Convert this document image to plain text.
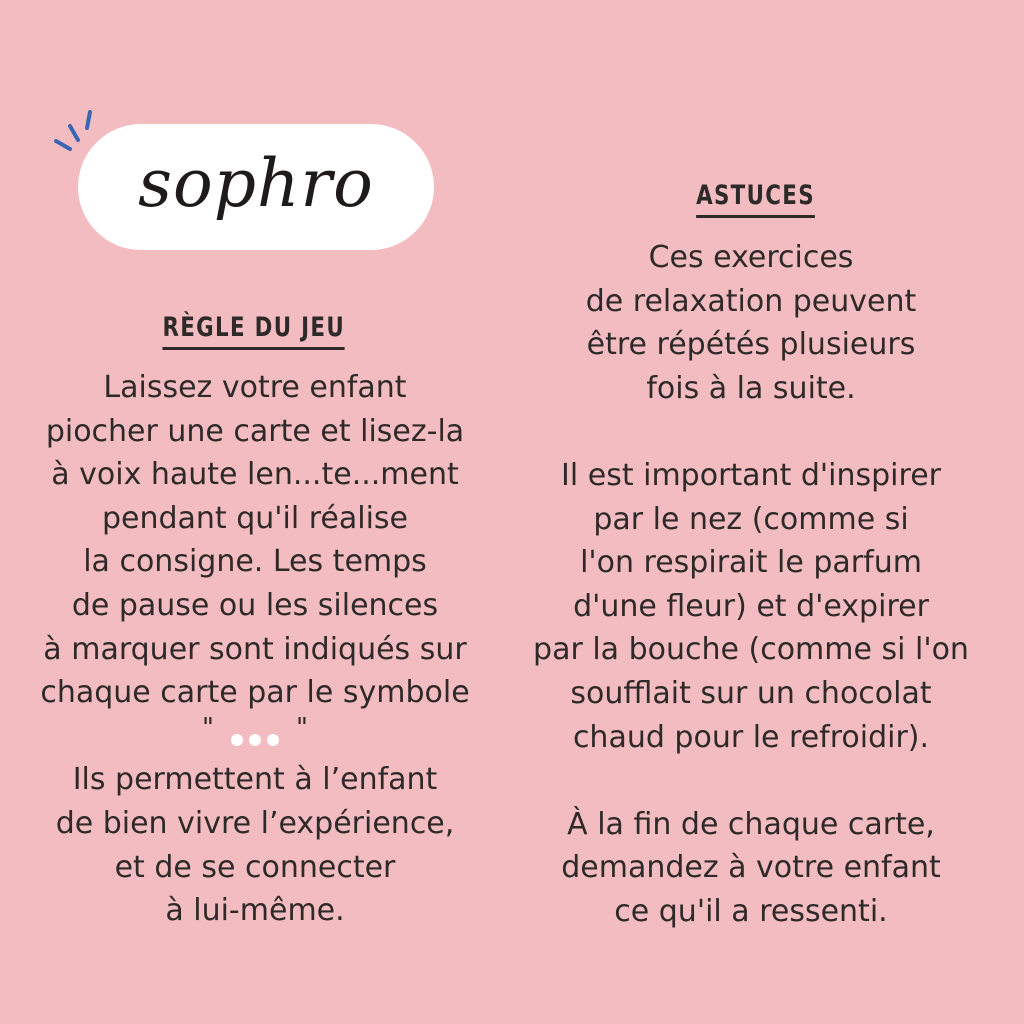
sophro
RÈGLE DU JEU
Laissez votre enfant
piocher une carte et lisez-la
à voix haute len...te...ment
pendant qu'il réalise
la consigne. Les temps
de pause ou les silences
à marquer sont indiqués sur
chaque carte par le symbole
"	"
Ils permettent à l’enfant
de bien vivre l’expérience,
et de se connecter
à lui-même.
ASTUCES
Ces exercices
de relaxation peuvent
être répétés plusieurs
fois à la suite.
Il est important d'inspirer
par le nez (comme si
l'on respirait le parfum
d'une fleur) et d'expirer
par la bouche (comme si l'on
soufflait sur un chocolat
chaud pour le refroidir).
À la fin de chaque carte,
demandez à votre enfant
ce qu'il a ressenti.
